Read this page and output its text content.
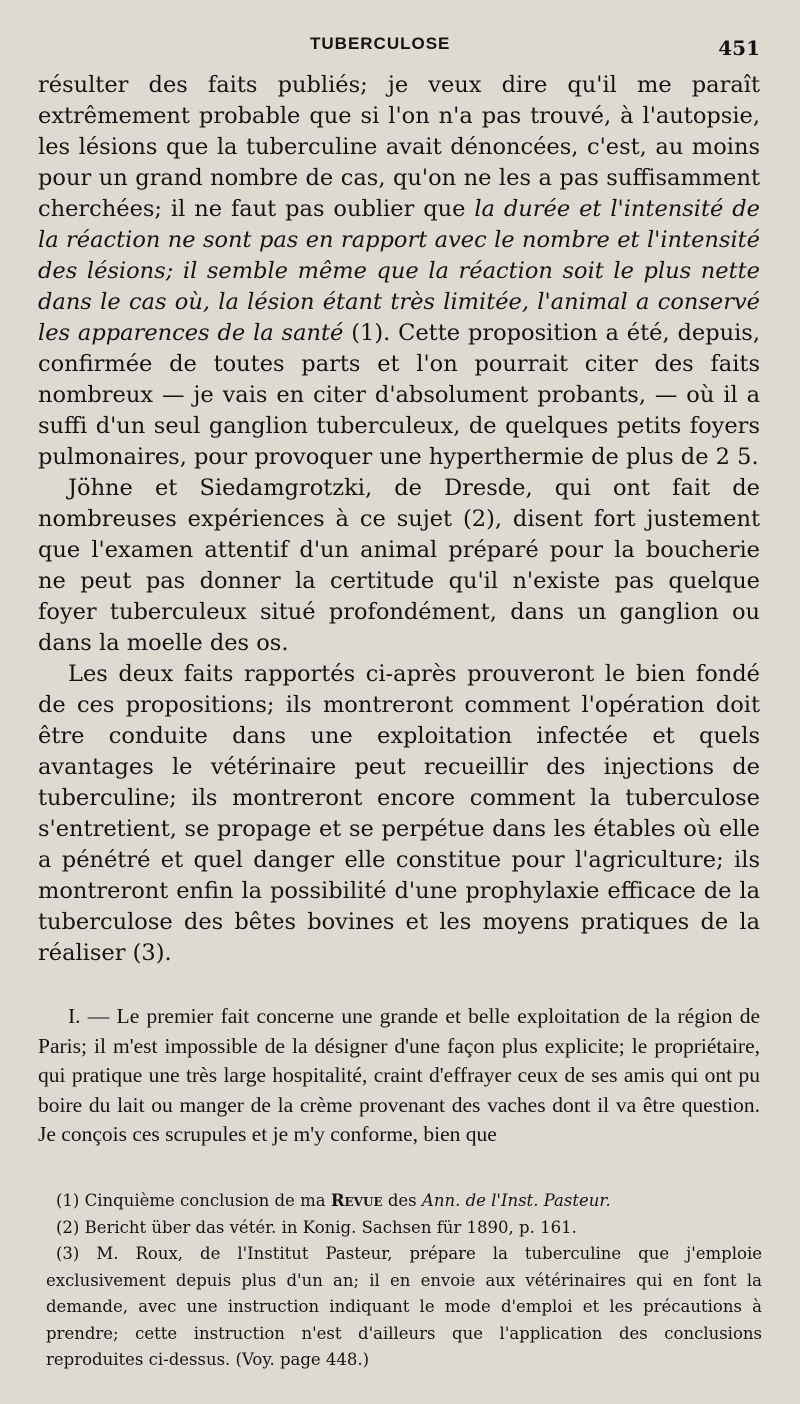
TUBERCULOSE	451

résulter des faits publiés; je veux dire qu'il me paraît extrêmement probable que si l'on n'a pas trouvé, à l'autopsie, les lésions que la tuberculine avait dénoncées, c'est, au moins pour un grand nombre de cas, qu'on ne les a pas suffisamment cherchées; il ne faut pas oublier que la durée et l'intensité de la réaction ne sont pas en rapport avec le nombre et l'intensité des lésions; il semble même que la réaction soit le plus nette dans le cas où, la lésion étant très limitée, l'animal a conservé les apparences de la santé (1). Cette proposition a été, depuis, confirmée de toutes parts et l'on pourrait citer des faits nombreux — je vais en citer d'absolument probants, — où il a suffi d'un seul ganglion tuberculeux, de quelques petits foyers pulmonaires, pour provoquer une hyperthermie de plus de 2 5.

Jöhne et Siedamgrotzki, de Dresde, qui ont fait de nombreuses expériences à ce sujet (2), disent fort justement que l'examen attentif d'un animal préparé pour la boucherie ne peut pas donner la certitude qu'il n'existe pas quelque foyer tuberculeux situé profondément, dans un ganglion ou dans la moelle des os.

Les deux faits rapportés ci-après prouveront le bien fondé de ces propositions; ils montreront comment l'opération doit être conduite dans une exploitation infectée et quels avantages le vétérinaire peut recueillir des injections de tuberculine; ils montreront encore comment la tuberculose s'entretient, se propage et se perpétue dans les étables où elle a pénétré et quel danger elle constitue pour l'agriculture; ils montreront enfin la possibilité d'une prophylaxie efficace de la tuberculose des bêtes bovines et les moyens pratiques de la réaliser (3).

I. — Le premier fait concerne une grande et belle exploitation de la région de Paris; il m'est impossible de la désigner d'une façon plus explicite; le propriétaire, qui pratique une très large hospitalité, craint d'effrayer ceux de ses amis qui ont pu boire du lait ou manger de la crème provenant des vaches dont il va être question. Je conçois ces scrupules et je m'y conforme, bien que

(1) Cinquième conclusion de ma Revue des Ann. de l'Inst. Pasteur.

(2) Bericht über das vétér. in Konig. Sachsen für 1890, p. 161.

(3) M. Roux, de l'Institut Pasteur, prépare la tuberculine que j'emploie exclusivement depuis plus d'un an; il en envoie aux vétérinaires qui en font la demande, avec une instruction indiquant le mode d'emploi et les précautions à prendre; cette instruction n'est d'ailleurs que l'application des conclusions reproduites ci-dessus. (Voy. page 448.)
